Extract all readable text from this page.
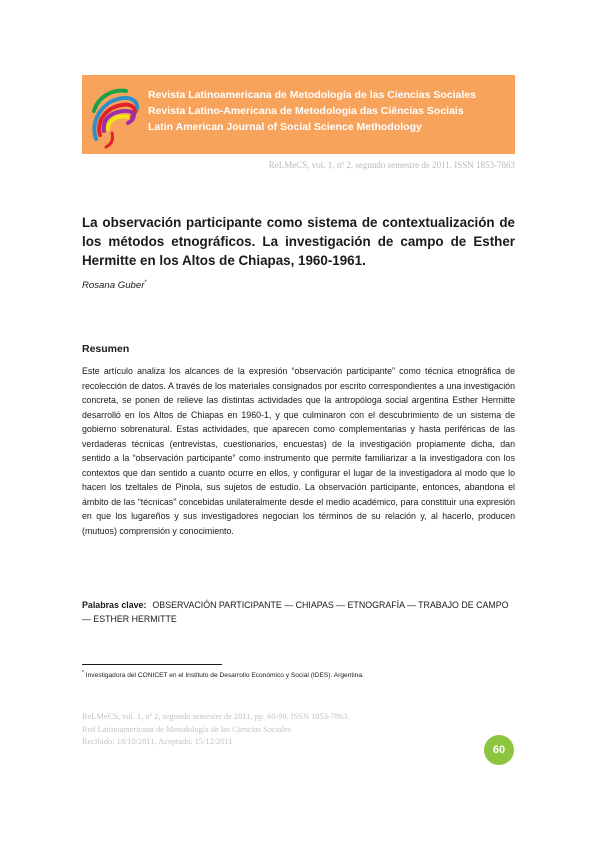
Revista Latinoamericana de Metodología de las Ciencias Sociales
Revista Latino-Americana de Metodologia das Ciências Sociais
Latin American Journal of Social Science Methodology
ReLMeCS, vol. 1, nº 2, segundo semestre de 2011. ISSN 1853-7863
La observación participante como sistema de contextualización de los métodos etnográficos. La investigación de campo de Esther Hermitte en los Altos de Chiapas, 1960-1961.
Rosana Guber*
Resumen

Este artículo analiza los alcances de la expresión “observación participante” como técnica etnográfica de recolección de datos. A través de los materiales consignados por escrito correspondientes a una investigación concreta, se ponen de relieve las distintas actividades que la antropóloga social argentina Esther Hermitte desarrolló en los Altos de Chiapas en 1960-1, y que culminaron con el descubrimiento de un sistema de gobierno sobrenatural. Estas actividades, que aparecen como complementarias y hasta periféricas de las verdaderas técnicas (entrevistas, cuestionarios, encuestas) de la investigación propiamente dicha, dan sentido a la “observación participante” como instrumento que permite familiarizar a la investigadora con los contextos que dan sentido a cuanto ocurre en ellos, y configurar el lugar de la investigadora al modo que lo hacen los tzeltales de Pinola, sus sujetos de estudio. La observación participante, entonces, abandona el ámbito de las “técnicas” concebidas unilateralmente desde el medio académico, para constituir una expresión en que los lugareños y sus investigadores negocian los términos de su relación y, al hacerlo, producen (mutuos) comprensión y conocimiento.

Palabras clave: OBSERVACIÓN PARTICIPANTE — CHIAPAS — ETNOGRAFÍA — TRABAJO DE CAMPO — ESTHER HERMITTE

* Investigadora del CONICET en el Instituto de Desarrollo Económico y Social (IDES). Argentina.
ReLMeCS, vol. 1, nº 2, segundo semestre de 2011, pp. 60-90. ISSN 1853-7863.
Red Latinoamericana de Metodología de las Ciencias Sociales
Recibido: 18/10/2011, Aceptado: 15/12/2011
60
